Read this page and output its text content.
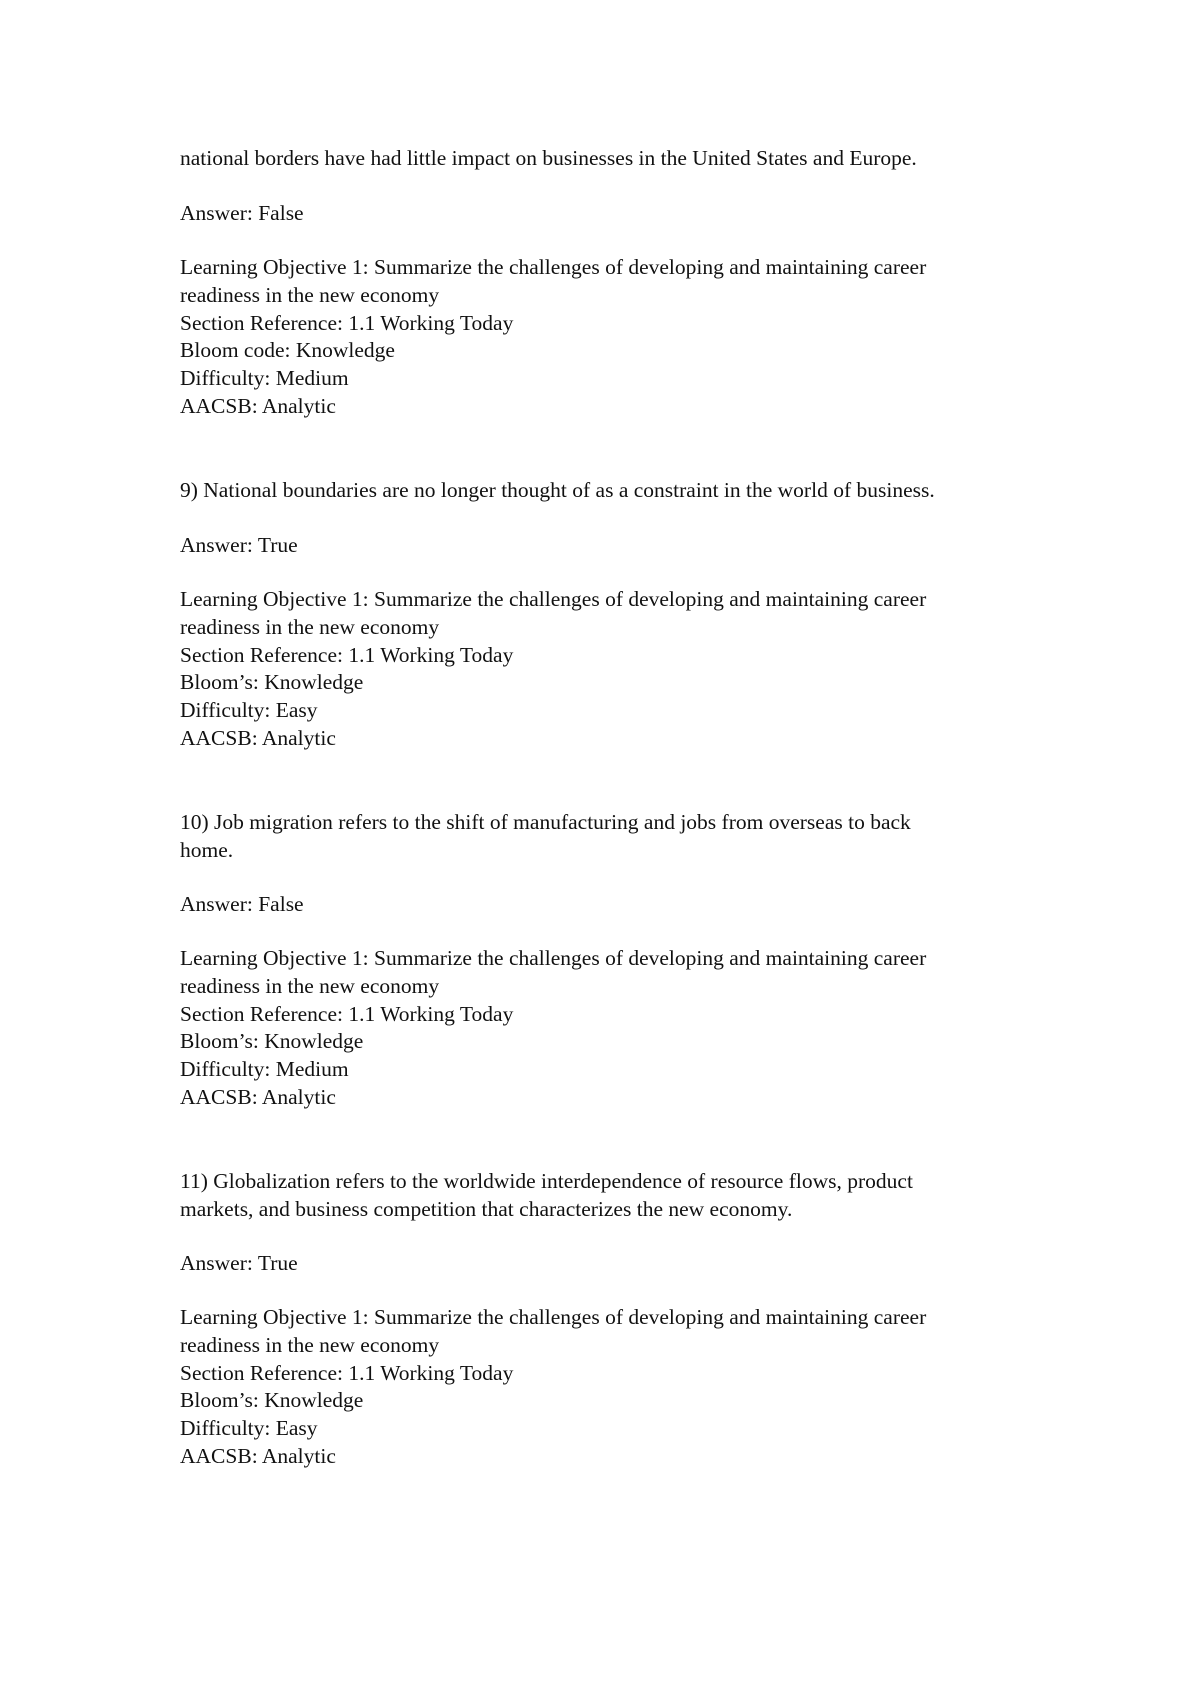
national borders have had little impact on businesses in the United States and Europe.
Answer: False
Learning Objective 1: Summarize the challenges of developing and maintaining career
readiness in the new economy
Section Reference: 1.1 Working Today
Bloom code: Knowledge
Difficulty: Medium
AACSB: Analytic
9) National boundaries are no longer thought of as a constraint in the world of business.
Answer: True
Learning Objective 1: Summarize the challenges of developing and maintaining career
readiness in the new economy
Section Reference: 1.1 Working Today
Bloom’s: Knowledge
Difficulty: Easy
AACSB: Analytic
10) Job migration refers to the shift of manufacturing and jobs from overseas to back
home.
Answer: False
Learning Objective 1: Summarize the challenges of developing and maintaining career
readiness in the new economy
Section Reference: 1.1 Working Today
Bloom’s: Knowledge
Difficulty: Medium
AACSB: Analytic
11) Globalization refers to the worldwide interdependence of resource flows, product
markets, and business competition that characterizes the new economy.
Answer: True
Learning Objective 1: Summarize the challenges of developing and maintaining career
readiness in the new economy
Section Reference: 1.1 Working Today
Bloom’s: Knowledge
Difficulty: Easy
AACSB: Analytic
